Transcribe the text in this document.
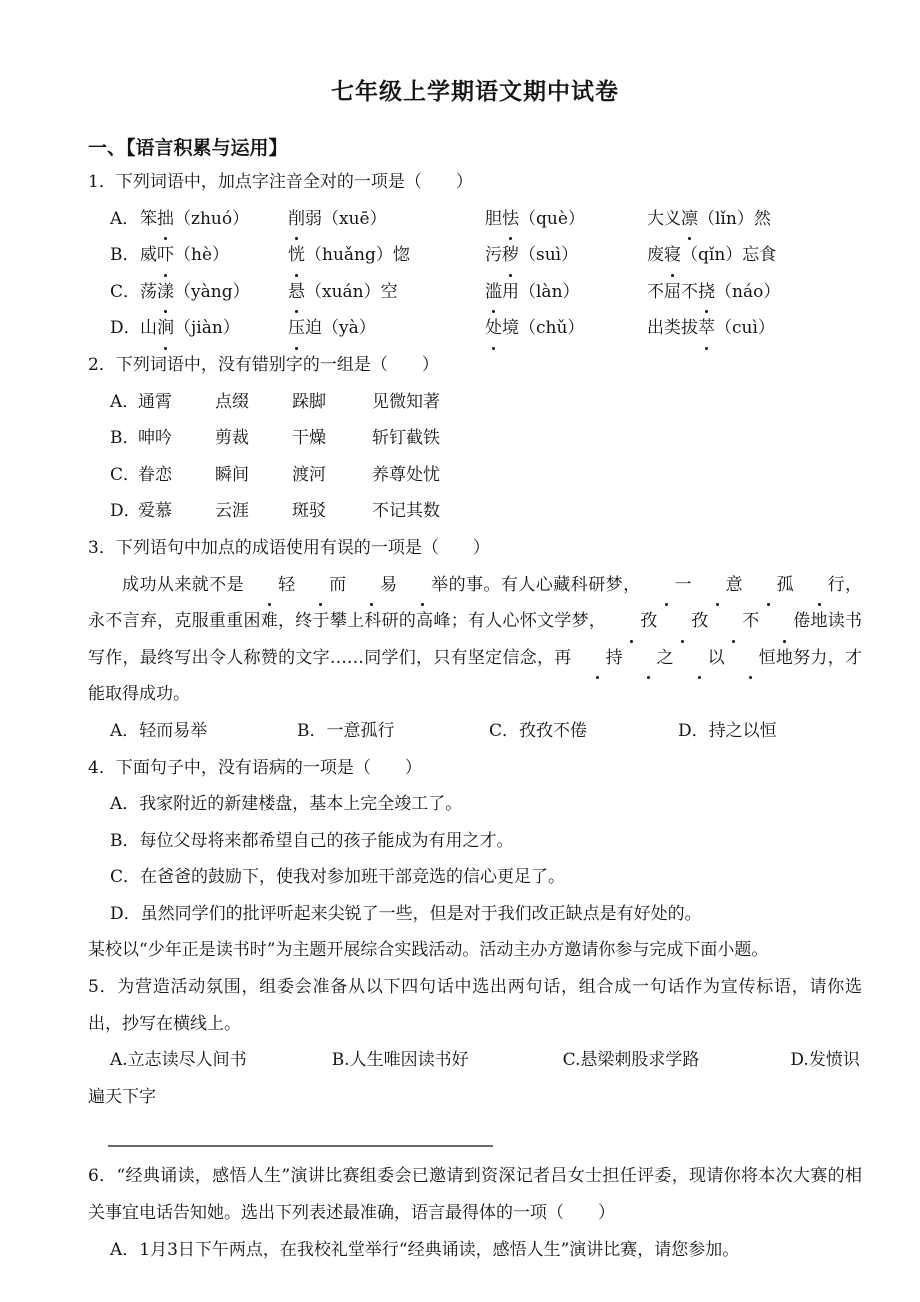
七年级上学期语文期中试卷
一、【语言积累与运用】

1．下列词语中，加点字注音全对的一项是（　　）

A． 笨拙（zhuó）	削弱（xuē）	胆怯（què）	大义凛（lǐn）然
B． 威吓（hè）	恍（huǎng）惚	污秽（suì）	废寝（qǐn）忘食
C． 荡漾（yàng）	悬（xuán）空	滥用（làn）	不屈不挠（náo）
D． 山涧（jiàn）	压迫（yà）	处境（chǔ）	出类拔萃（cuì）

2．下列词语中，没有错别字的一组是（　　）

A．
通霄	点缀	跺脚	见微知著
B．
呻吟	剪裁	干燥	斩钉截铁
C．
眷恋	瞬间	渡河	养尊处忧
D．
爱慕	云涯	斑驳	不记其数

3．下列语句中加点的成语使用有误的一项是（　　）

成功从来就不是 轻 而 易 举的事。有人心藏科研梦， 一 意 孤 行，永不言弃，克服重重困难，终于攀上科研的高峰；有人心怀文学梦， 孜 孜 不 倦地读书写作，最终写出令人称赞的文字……同学们，只有坚定信念，再 持 之 以 恒地努力，才能取得成功。

A．轻而易举	B．一意孤行	C．孜孜不倦	D．持之以恒

4．下面句子中，没有语病的一项是（　　）

A．我家附近的新建楼盘，基本上完全竣工了。

B．每位父母将来都希望自己的孩子能成为有用之才。

C．在爸爸的鼓励下，使我对参加班干部竞选的信心更足了。

D．虽然同学们的批评听起来尖锐了一些，但是对于我们改正缺点是有好处的。

某校以“少年正是读书时”为主题开展综合实践活动。活动主办方邀请你参与完成下面小题。

5．为营造活动氛围，组委会准备从以下四句话中选出两句话，组合成一句话作为宣传标语，请你选出，抄写在横线上。

A.立志读尽人间书	B.人生唯因读书好	C.悬梁刺股求学路	D.发愤识遍天下字

6．“经典诵读，感悟人生”演讲比赛组委会已邀请到资深记者吕女士担任评委，现请你将本次大赛的相关事宜电话告知她。选出下列表述最准确，语言最得体的一项（　　）

A．1月3日下午两点，在我校礼堂举行“经典诵读，感悟人生”演讲比赛，请您参加。
